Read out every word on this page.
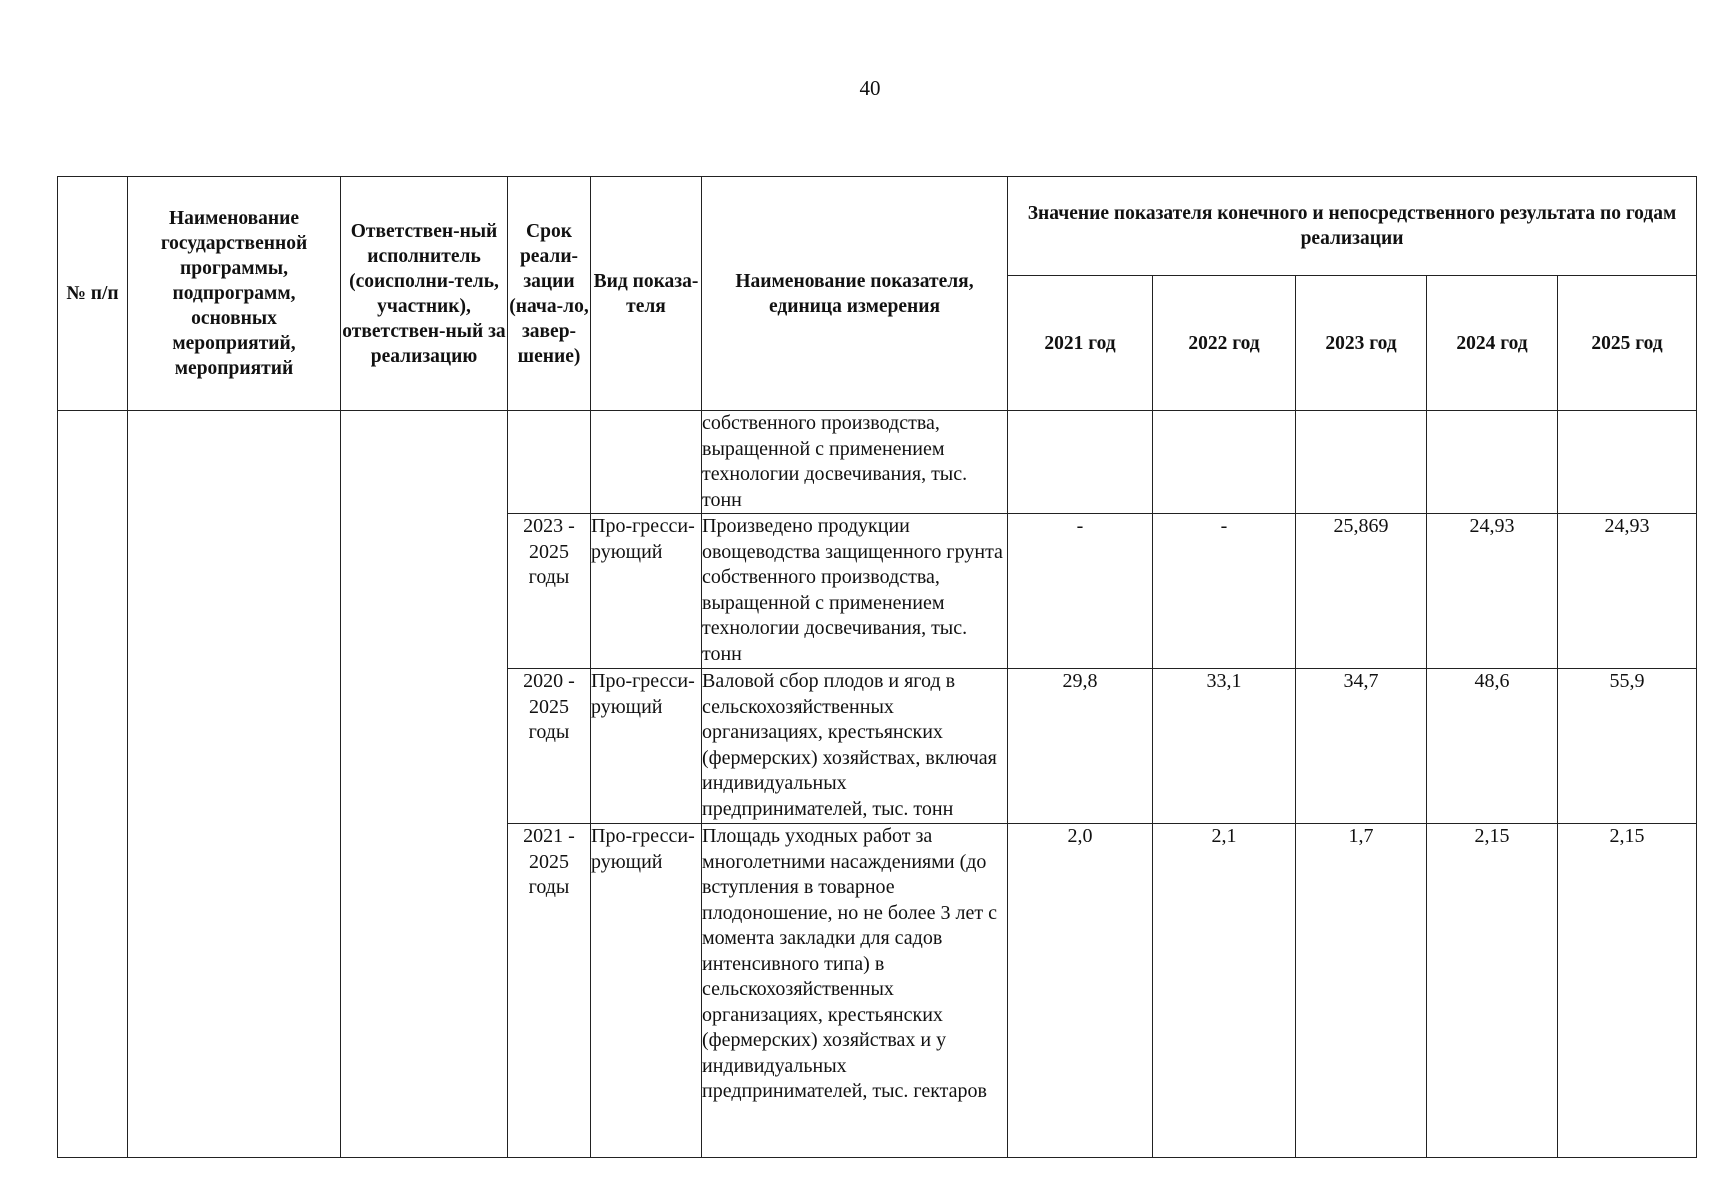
40
№ п/п	Наименование государственной программы, подпрограмм, основных мероприятий, мероприятий	Ответствен-ный исполнитель (соисполни-тель, участник), ответствен-ный за реализацию	Срок реали-зации (нача-ло, завер-шение)	Вид показа-теля	Наименование показателя, единица измерения	Значение показателя конечного и непосредственного результата по годам реализации				
						2021 год	2022 год	2023 год	2024 год	2025 год
					собственного производства, выращенной с применением технологии досвечивания, тыс. тонн					
			2023 - 2025 годы	Про-гресси-рующий	Произведено продукции овощеводства защищенного грунта собственного производства, выращенной с применением технологии досвечивания, тыс. тонн	-	-	25,869	24,93	24,93
			2020 - 2025 годы	Про-гресси-рующий	Валовой сбор плодов и ягод в сельскохозяйственных организациях, крестьянских (фермерских) хозяйствах, включая индивидуальных предпринимателей, тыс. тонн	29,8	33,1	34,7	48,6	55,9
			2021 - 2025 годы	Про-гресси-рующий	Площадь уходных работ за многолетними насаждениями (до вступления в товарное плодоношение, но не более 3 лет с момента закладки для садов интенсивного типа) в сельскохозяйственных организациях, крестьянских (фермерских) хозяйствах и у индивидуальных предпринимателей, тыс. гектаров	2,0	2,1	1,7	2,15	2,15
